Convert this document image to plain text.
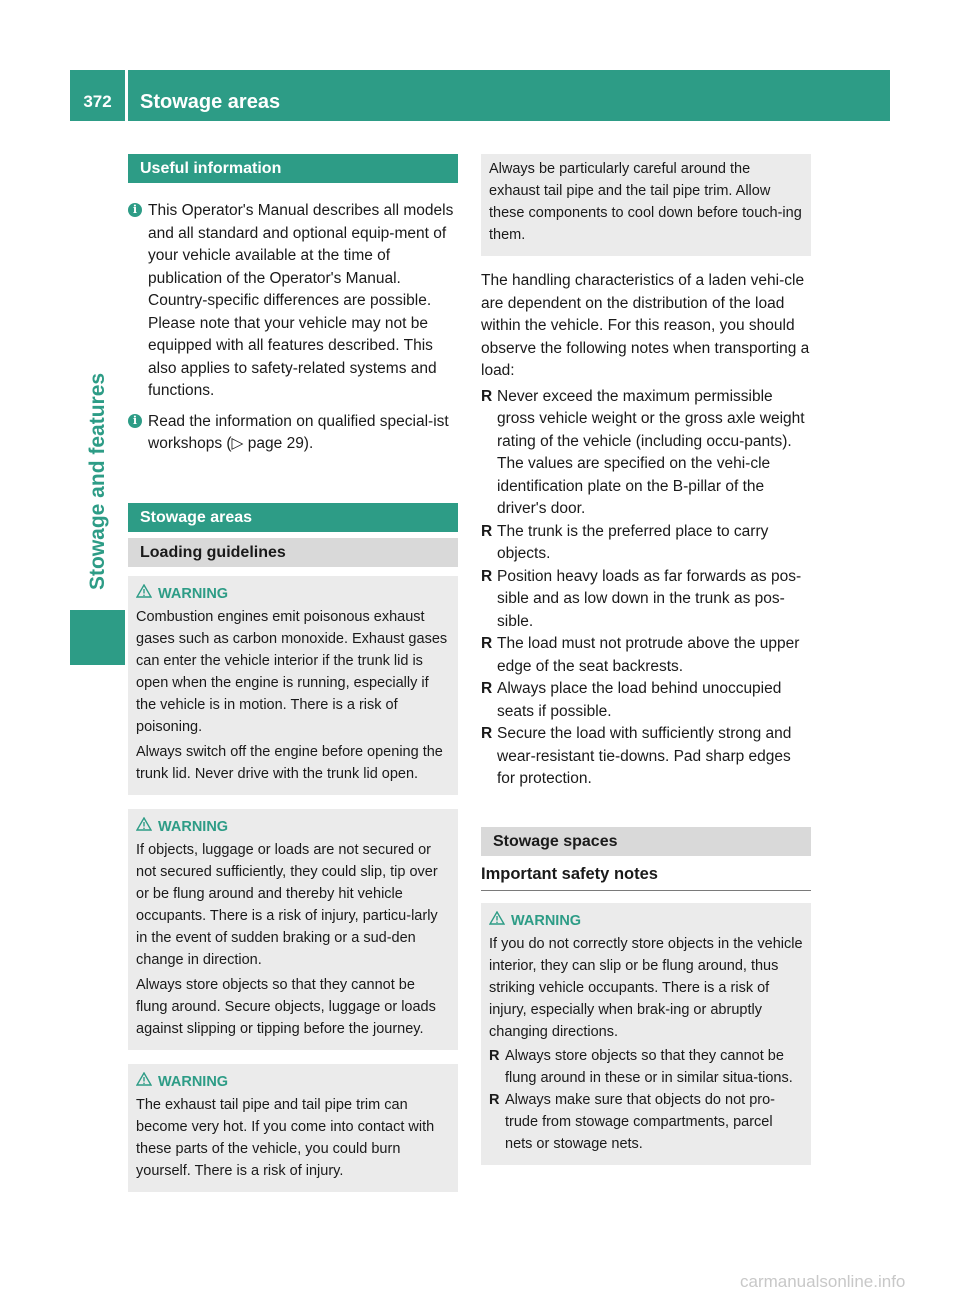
372	Stowage areas
Stowage and features
Useful information
i This Operator's Manual describes all models and all standard and optional equip-ment of your vehicle available at the time of publication of the Operator's Manual. Country-specific differences are possible. Please note that your vehicle may not be equipped with all features described. This also applies to safety-related systems and functions.
i Read the information on qualified special-ist workshops (▷ page 29).
Stowage areas
Loading guidelines
WARNING

Combustion engines emit poisonous exhaust gases such as carbon monoxide. Exhaust gases can enter the vehicle interior if the trunk lid is open when the engine is running, especially if the vehicle is in motion. There is a risk of poisoning.

Always switch off the engine before opening the trunk lid. Never drive with the trunk lid open.

WARNING

If objects, luggage or loads are not secured or not secured sufficiently, they could slip, tip over or be flung around and thereby hit vehicle occupants. There is a risk of injury, particu-larly in the event of sudden braking or a sud-den change in direction.

Always store objects so that they cannot be flung around. Secure objects, luggage or loads against slipping or tipping before the journey.

WARNING

The exhaust tail pipe and tail pipe trim can become very hot. If you come into contact with these parts of the vehicle, you could burn yourself. There is a risk of injury.

Always be particularly careful around the exhaust tail pipe and the tail pipe trim. Allow these components to cool down before touch-ing them.

The handling characteristics of a laden vehi-cle are dependent on the distribution of the load within the vehicle. For this reason, you should observe the following notes when transporting a load:
R Never exceed the maximum permissible gross vehicle weight or the gross axle weight rating of the vehicle (including occu-pants). The values are specified on the vehi-cle identification plate on the B-pillar of the driver's door.
R The trunk is the preferred place to carry objects.
R Position heavy loads as far forwards as pos-sible and as low down in the trunk as pos-sible.
R The load must not protrude above the upper edge of the seat backrests.
R Always place the load behind unoccupied seats if possible.
R Secure the load with sufficiently strong and wear-resistant tie-downs. Pad sharp edges for protection.
Stowage spaces
Important safety notes
WARNING

If you do not correctly store objects in the vehicle interior, they can slip or be flung around, thus striking vehicle occupants. There is a risk of injury, especially when brak-ing or abruptly changing directions.

R Always store objects so that they cannot be flung around in these or in similar situa-tions.
R Always make sure that objects do not pro-trude from stowage compartments, parcel nets or stowage nets.
carmanualsonline.info
